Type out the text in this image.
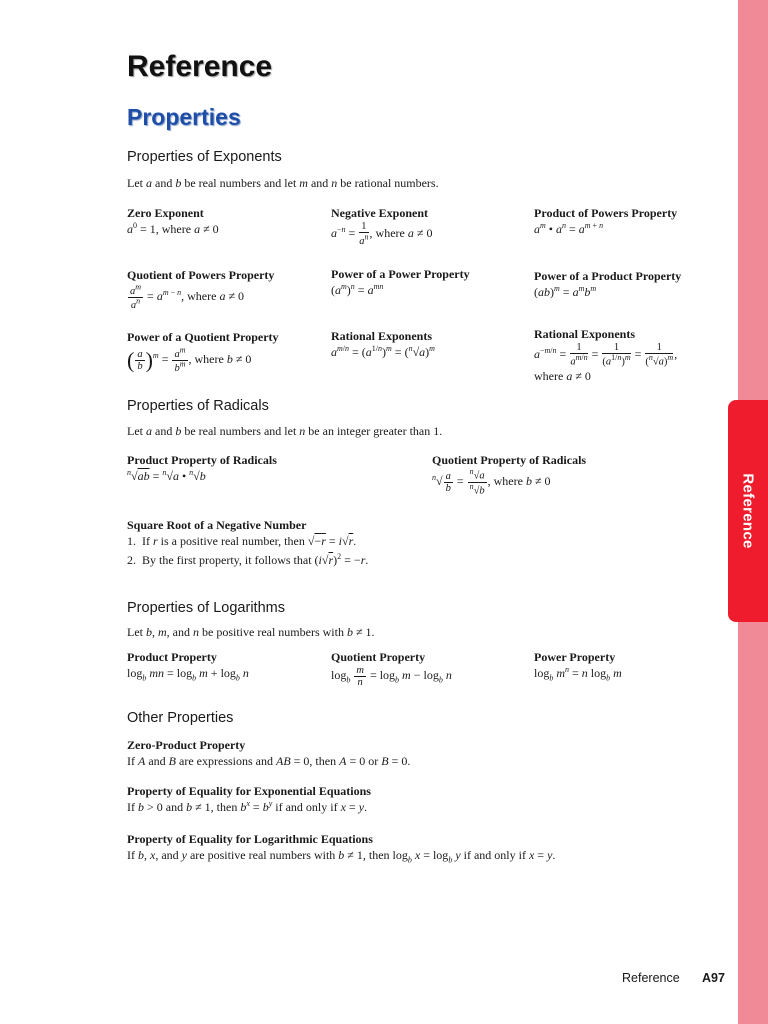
Reference
Reference
Properties
Properties of Exponents
Let a and b be real numbers and let m and n be rational numbers.
Zero Exponent
$a^0 = 1$, where a ≠ 0
Negative Exponent
$a^{-n} = \frac{1}{a^n}$ , where a ≠ 0
Product of Powers Property
$a^m$ • $a^n = a^{m + n}$
Quotient of Powers Property
$\frac{a^m}{a^n} = a^{m - n}$, where a ≠ 0
Power of a Power Property
$(a^m)^n = a^{mn}$
Power of a Product Property
$(ab)^m = a^mb^m$
Power of a Quotient Property
( $\frac{a}{b} )^m = \frac{a^m}{b^m}$ , where b ≠ 0
Rational Exponents
$a^{m/n} = (a^{1/n})^m = (^n√a)^m$
Rational Exponents
$a^{-m/n} = \frac{1}{a^{m/n}} = \frac{1}{(a^{1/n})^m} = \frac{1}{(^n√a)^m}$ ,
where a ≠ 0
Properties of Radicals
Let a and b be real numbers and let n be an integer greater than 1.
Product Property of Radicals
$^n$√ab = $^n$√a • $^n$√b
Quotient Property of Radicals
$^n√ \frac{a}{b} = \frac{^n√a}{^n√b}$ , where b ≠ 0
Square Root of a Negative Number
1.  If r is a positive real number, then √−r = i√r.
2.  By the first property, it follows that $(i√r)^2 = -r$.
Properties of Logarithms
Let b, m, and n be positive real numbers with b ≠ 1.
Product Property
$\log_b$ mn = $\log_b m + \log_b n$
Quotient Property
$\log_b \frac{m}{n} = \log_b m - \log_b n$
Power Property
$\log_b m^n = n$ $\log_b m$
Other Properties
Zero-Product Property
If A and B are expressions and AB = 0, then A = 0 or B = 0.
Property of Equality for Exponential Equations
If b > 0 and b ≠ 1, then $b^x = b^y$ if and only if x = y.
Property of Equality for Logarithmic Equations
If b, x, and y are positive real numbers with b ≠ 1, then $\log_b x = \log_b y$ if and only if x = y.
Reference A97
